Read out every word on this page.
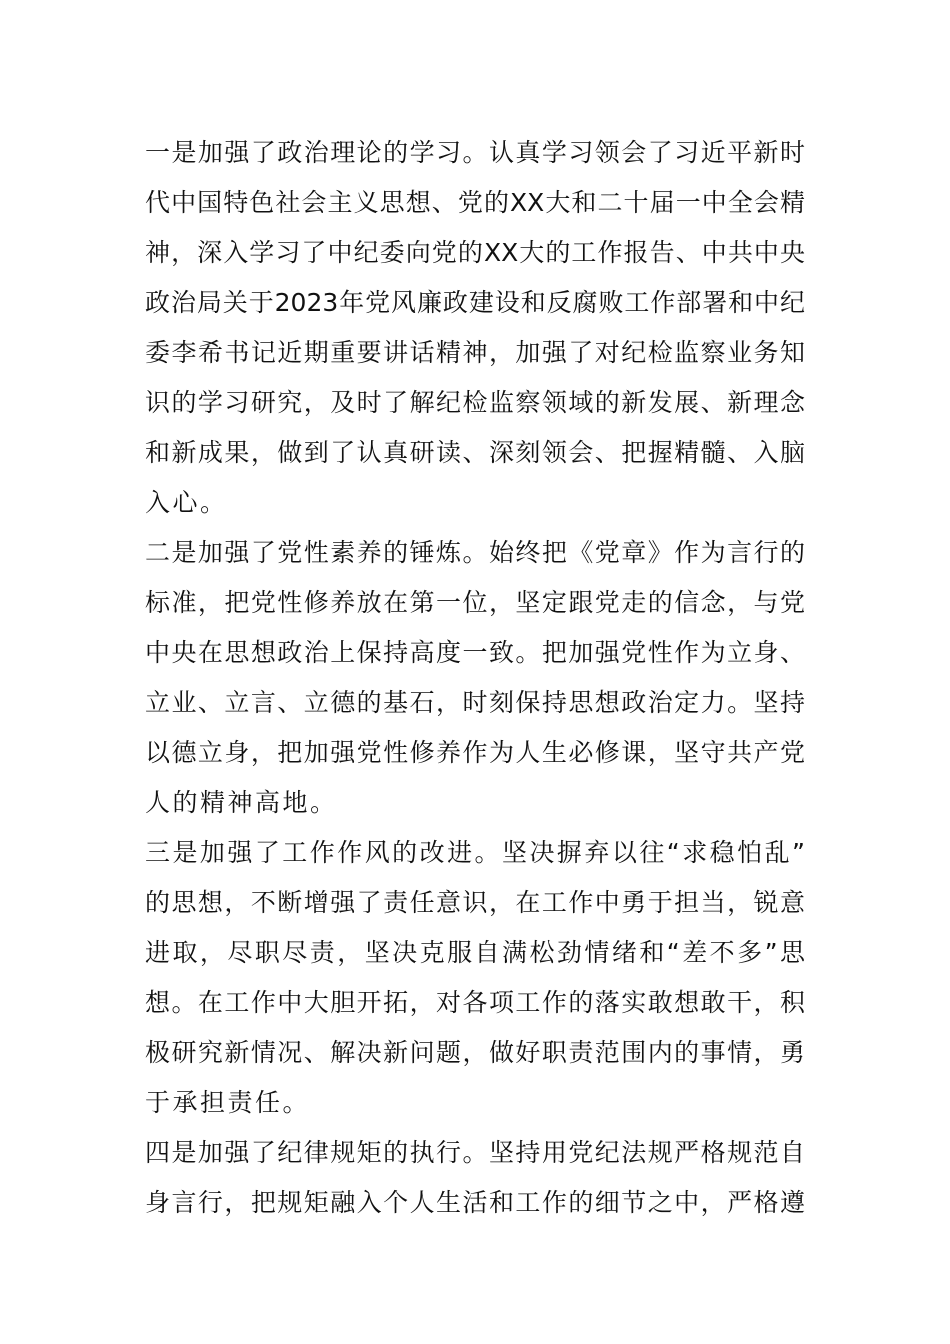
一是加强了政治理论的学习。认真学习领会了习近平新时
代中国特色社会主义思想、党的XX大和二十届一中全会精
神，深入学习了中纪委向党的XX大的工作报告、中共中央
政治局关于2023年党风廉政建设和反腐败工作部署和中纪
委李希书记近期重要讲话精神，加强了对纪检监察业务知
识的学习研究，及时了解纪检监察领域的新发展、新理念
和新成果，做到了认真研读、深刻领会、把握精髓、入脑
入心。
二是加强了党性素养的锤炼。始终把《党章》作为言行的
标准，把党性修养放在第一位，坚定跟党走的信念，与党
中央在思想政治上保持高度一致。把加强党性作为立身、
立业、立言、立德的基石，时刻保持思想政治定力。坚持
以德立身，把加强党性修养作为人生必修课，坚守共产党
人的精神高地。
三是加强了工作作风的改进。坚决摒弃以往“求稳怕乱”
的思想，不断增强了责任意识，在工作中勇于担当，锐意
进取，尽职尽责，坚决克服自满松劲情绪和“差不多”思
想。在工作中大胆开拓，对各项工作的落实敢想敢干，积
极研究新情况、解决新问题，做好职责范围内的事情，勇
于承担责任。
四是加强了纪律规矩的执行。坚持用党纪法规严格规范自
身言行，把规矩融入个人生活和工作的细节之中，严格遵
